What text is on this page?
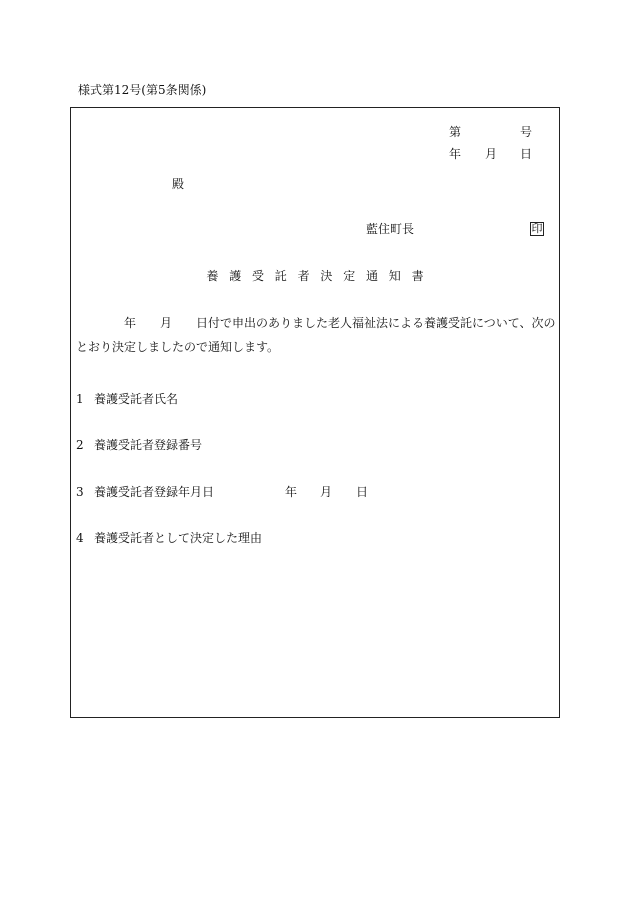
様式第12号(第5条関係)
第	号
年 月 日
殿
藍住町長	印
養護受託者決定通知書
年 月 日付で申出のありました老人福祉法による養護受託について、次の
とおり決定しましたので通知します。
1 養護受託者氏名
2 養護受託者登録番号
3 養護受託者登録年月日	年 月 日
4 養護受託者として決定した理由
